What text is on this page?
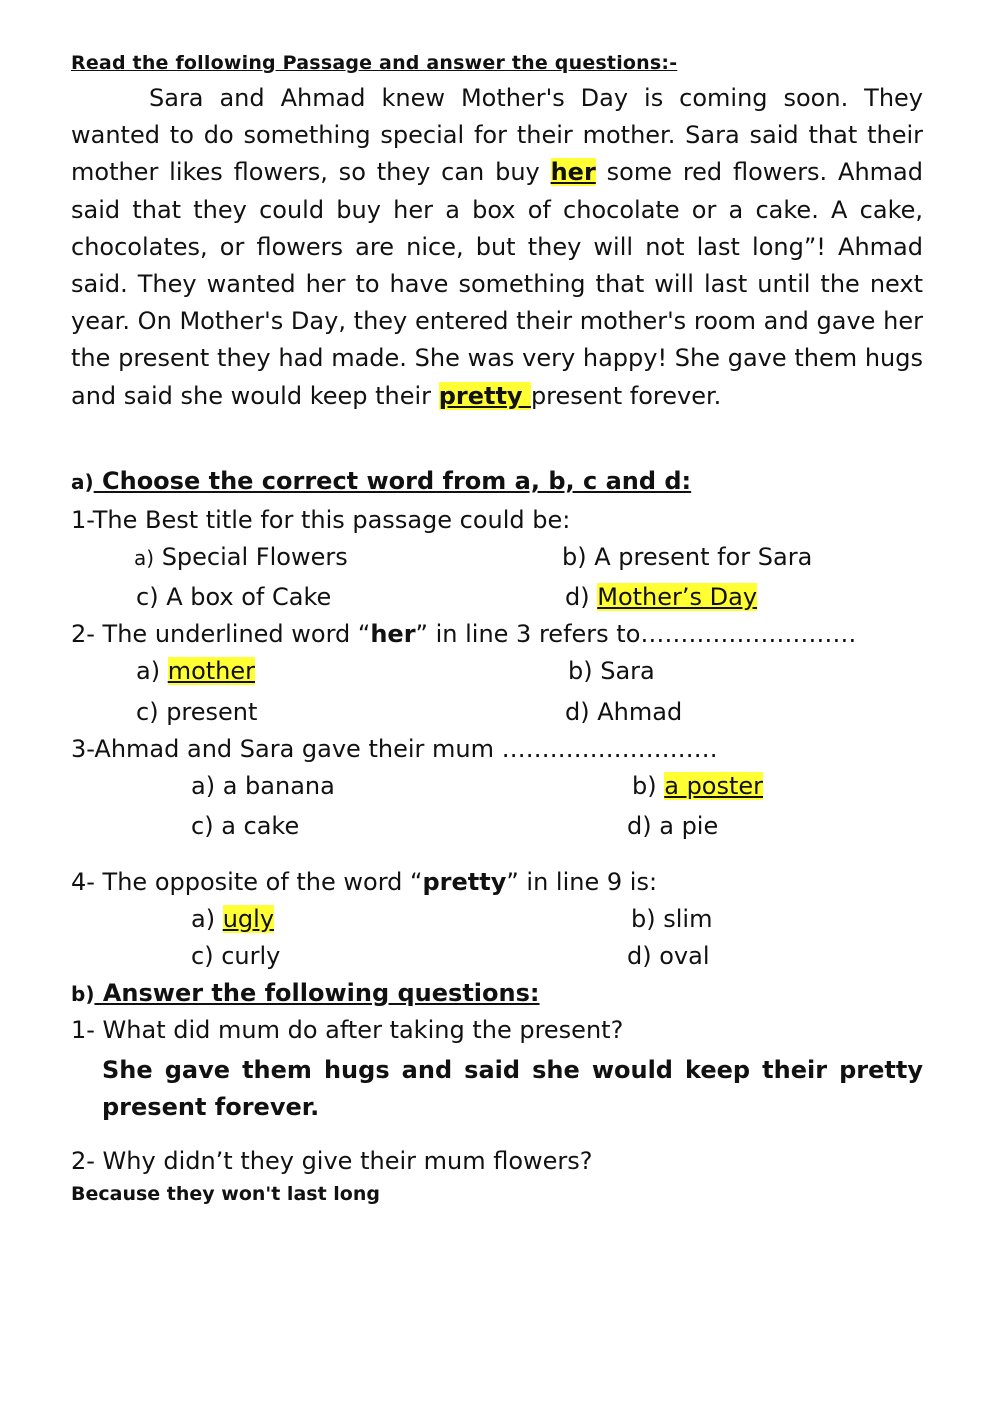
Read the following Passage and answer the questions:-
Sara and Ahmad knew Mother's Day is coming soon. They wanted to do something special for their mother. Sara said that their mother likes flowers, so they can buy her some red flowers. Ahmad said that they could buy her a box of chocolate or a cake. A cake, chocolates, or flowers are nice, but they will not last long”! Ahmad said. They wanted her to have something that will last until the next year. On Mother's Day, they entered their mother's room and gave her the present they had made. She was very happy! She gave them hugs and said she would keep their pretty present forever.
a) Choose the correct word from a, b, c and d:
1-The Best title for this passage could be:
a) Special Flowers	b) A present for Sara
c) A box of Cake	d) Mother’s Day
2- The underlined word “her” in line 3 refers to………………………
a) mother	b) Sara
c) present	d) Ahmad
3-Ahmad and Sara gave their mum ………………………
a) a banana	b) a poster
c) a cake	d) a pie
4- The opposite of the word “pretty” in line 9 is:
a) ugly	b) slim
c) curly	d) oval
b) Answer the following questions:
1- What did mum do after taking the present?
She gave them hugs and said she would keep their pretty present forever.
2- Why didn’t they give their mum flowers?
Because they won't last long
